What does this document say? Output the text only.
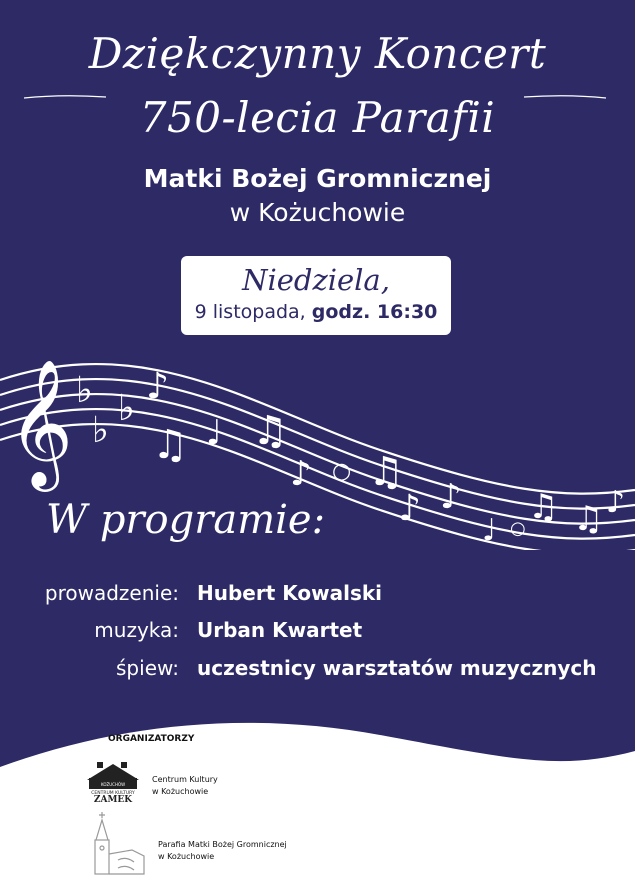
Dziękczynny Koncert
750-lecia Parafii
Matki Bożej Gromnicznej
w Kożuchowie
Niedziela,
9 listopada, godz. 16:30
𝄞 ♭ ♭
♭
♪
♫ ♩ ♫
♪ ○ ♫
♪ ♪
♩ ○
♫ ♫ ♪
W programie:
prowadzenie: Hubert Kowalski
muzyka: Urban Kwartet
śpiew: uczestnicy warsztatów muzycznych
ORGANIZATORZY
KOŻUCHÓW
CENTRUM KULTURY
ZAMEK
Centrum Kultury
w Kożuchowie
Parafia Matki Bożej Gromnicznej
w Kożuchowie
